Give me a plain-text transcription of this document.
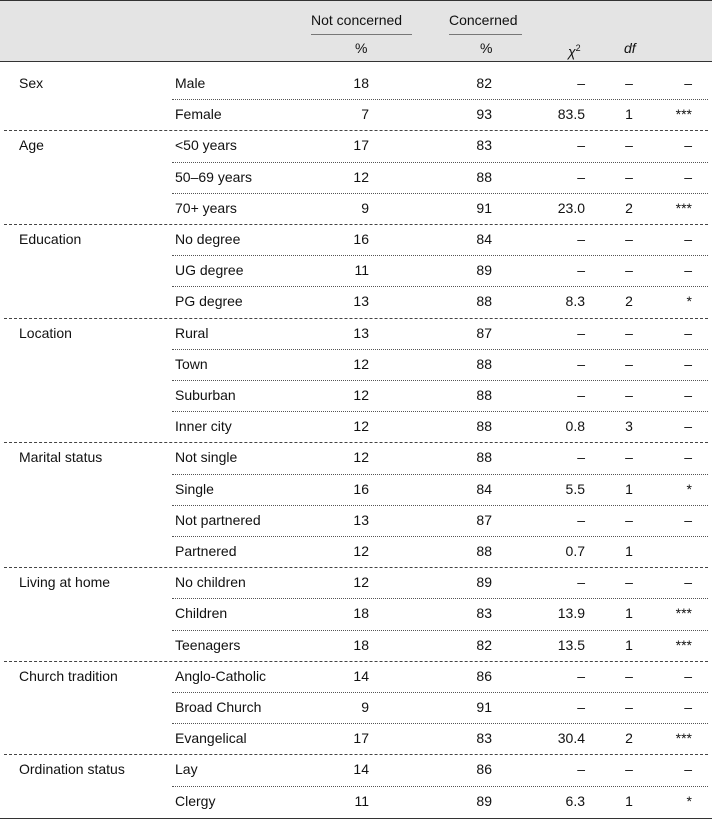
Not concerned	Concerned
%	%	$\chi^2$	df
Sex	Male	18	82	–	–	–
Female	7	93	83.5	1	***
Age	<50 years	17	83	–	–	–
50–69 years	12	88	–	–	–
70+ years	9	91	23.0	2	***
Education	No degree	16	84	–	–	–
UG degree	11	89	–	–	–
PG degree	13	88	8.3	2	*
Location	Rural	13	87	–	–	–
Town	12	88	–	–	–
Suburban	12	88	–	–	–
Inner city	12	88	0.8	3	–
Marital status	Not single	12	88	–	–	–
Single	16	84	5.5	1	*
Not partnered	13	87	–	–	–
Partnered	12	88	0.7	1
Living at home	No children	12	89	–	–	–
Children	18	83	13.9	1	***
Teenagers	18	82	13.5	1	***
Church tradition	Anglo-Catholic	14	86	–	–	–
Broad Church	9	91	–	–	–
Evangelical	17	83	30.4	2	***
Ordination status	Lay	14	86	–	–	–
Clergy	11	89	6.3	1	*
